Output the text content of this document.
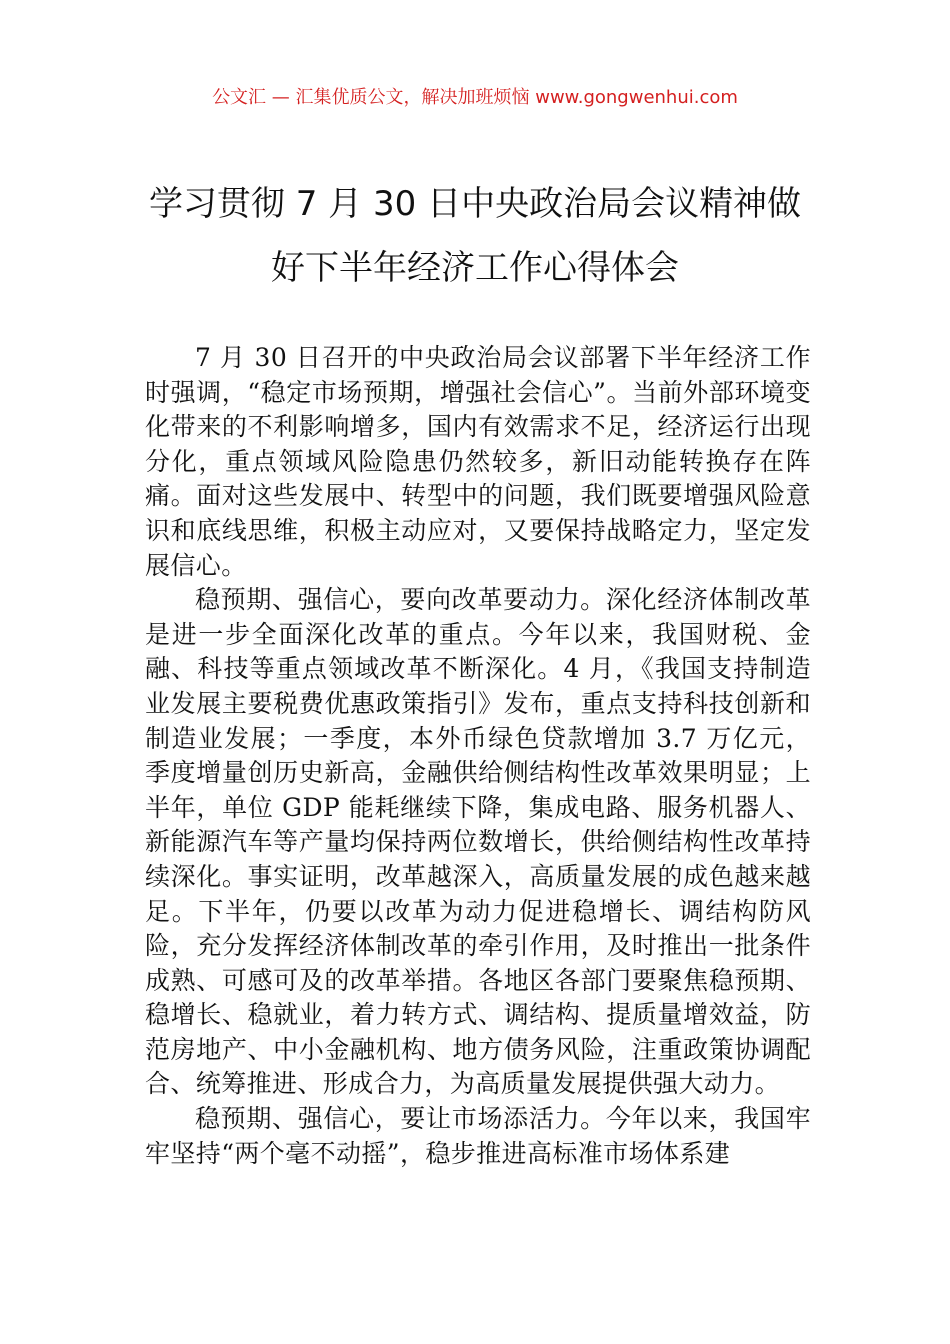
公文汇 — 汇集优质公文，解决加班烦恼 www.gongwenhui.com
学习贯彻 7 月 30 日中央政治局会议精神做
好下半年经济工作心得体会

7 月 30 日召开的中央政治局会议部署下半年经济工作时强调，“稳定市场预期，增强社会信心”。当前外部环境变化带来的不利影响增多，国内有效需求不足，经济运行出现分化，重点领域风险隐患仍然较多，新旧动能转换存在阵痛。面对这些发展中、转型中的问题，我们既要增强风险意识和底线思维，积极主动应对，又要保持战略定力，坚定发展信心。

稳预期、强信心，要向改革要动力。深化经济体制改革是进一步全面深化改革的重点。今年以来，我国财税、金融、科技等重点领域改革不断深化。4 月，《我国支持制造业发展主要税费优惠政策指引》发布，重点支持科技创新和制造业发展；一季度，本外币绿色贷款增加 3.7 万亿元，季度增量创历史新高，金融供给侧结构性改革效果明显；上半年，单位 GDP 能耗继续下降，集成电路、服务机器人、新能源汽车等产量均保持两位数增长，供给侧结构性改革持续深化。事实证明，改革越深入，高质量发展的成色越来越足。下半年，仍要以改革为动力促进稳增长、调结构防风险，充分发挥经济体制改革的牵引作用，及时推出一批条件成熟、可感可及的改革举措。各地区各部门要聚焦稳预期、稳增长、稳就业，着力转方式、调结构、提质量增效益，防范房地产、中小金融机构、地方债务风险，注重政策协调配合、统筹推进、形成合力，为高质量发展提供强大动力。

稳预期、强信心，要让市场添活力。今年以来，我国牢牢坚持“两个毫不动摇”，稳步推进高标准市场体系建
